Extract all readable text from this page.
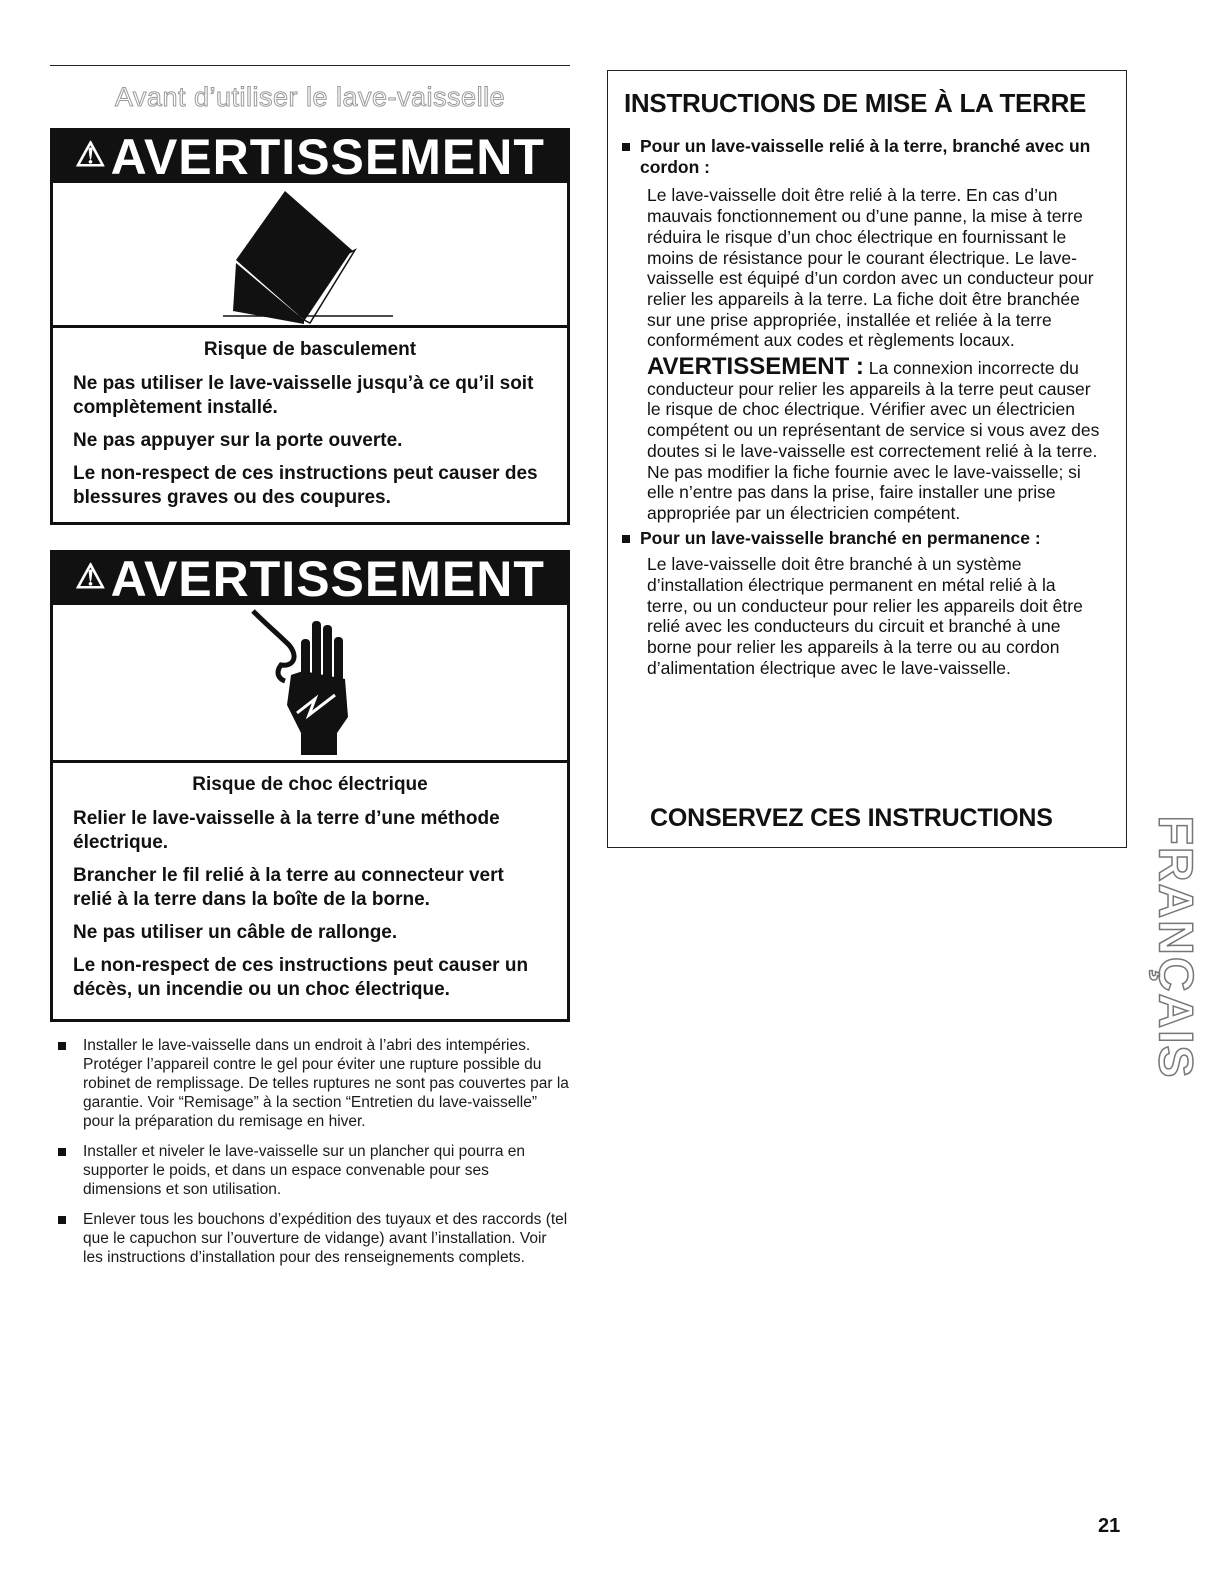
Avant d’utiliser le lave-vaisselle
⚠ AVERTISSEMENT
Risque de basculement

Ne pas utiliser le lave-vaisselle jusqu’à ce qu’il soit complètement installé.

Ne pas appuyer sur la porte ouverte.

Le non-respect de ces instructions peut causer des blessures graves ou des coupures.

⚠ AVERTISSEMENT
Risque de choc électrique

Relier le lave-vaisselle à la terre d’une méthode électrique.

Brancher le fil relié à la terre au connecteur vert relié à la terre dans la boîte de la borne.

Ne pas utiliser un câble de rallonge.

Le non-respect de ces instructions peut causer un décès, un incendie ou un choc électrique.

Installer le lave-vaisselle dans un endroit à l’abri des intempéries. Protéger l’appareil contre le gel pour éviter une rupture possible du robinet de remplissage. De telles ruptures ne sont pas couvertes par la garantie. Voir “Remisage” à la section “Entretien du lave-vaisselle” pour la préparation du remisage en hiver.
Installer et niveler le lave-vaisselle sur un plancher qui pourra en supporter le poids, et dans un espace convenable pour ses dimensions et son utilisation.
Enlever tous les bouchons d’expédition des tuyaux et des raccords (tel que le capuchon sur l’ouverture de vidange) avant l’installation. Voir les instructions d’installation pour des renseignements complets.
INSTRUCTIONS DE MISE À LA TERRE
Pour un lave-vaisselle relié à la terre, branché avec un cordon :
Le lave-vaisselle doit être relié à la terre. En cas d’un mauvais fonctionnement ou d’une panne, la mise à terre réduira le risque d’un choc électrique en fournissant le moins de résistance pour le courant électrique. Le lave-vaisselle est équipé d’un cordon avec un conducteur pour relier les appareils à la terre. La fiche doit être branchée sur une prise appropriée, installée et reliée à la terre conformément aux codes et règlements locaux.
AVERTISSEMENT : La connexion incorrecte du conducteur pour relier les appareils à la terre peut causer le risque de choc électrique. Vérifier avec un électricien compétent ou un représentant de service si vous avez des doutes si le lave-vaisselle est correctement relié à la terre. Ne pas modifier la fiche fournie avec le lave-vaisselle; si elle n’entre pas dans la prise, faire installer une prise appropriée par un électricien compétent.
Pour un lave-vaisselle branché en permanence :
Le lave-vaisselle doit être branché à un système d’installation électrique permanent en métal relié à la terre, ou un conducteur pour relier les appareils doit être relié avec les conducteurs du circuit et branché à une borne pour relier les appareils à la terre ou au cordon d’alimentation électrique avec le lave-vaisselle.
CONSERVEZ CES INSTRUCTIONS FRANÇAIS
21
